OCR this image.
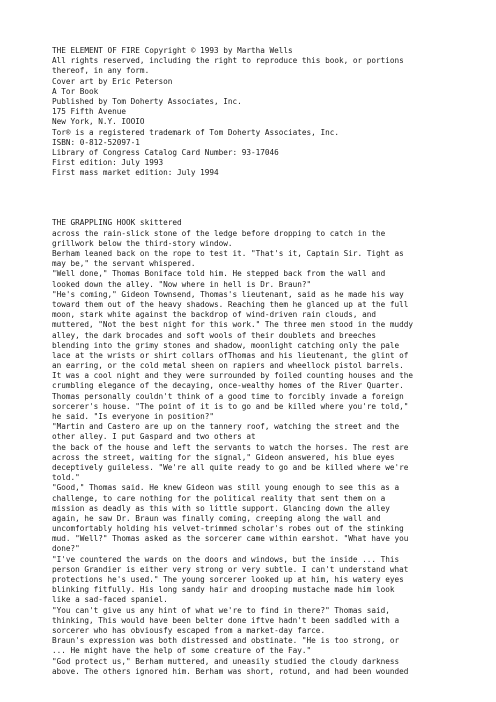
THE ELEMENT OF FIRE Copyright © 1993 by Martha Wells
All rights reserved, including the right to reproduce this book, or portions
thereof, in any form.
Cover art by Eric Peterson
A Tor Book
Published by Tom Doherty Associates, Inc.
175 Fifth Avenue
New York, N.Y. IOOIO
Tor® is a registered trademark of Tom Doherty Associates, Inc.
ISBN: 0-812-52097-1
Library of Congress Catalog Card Number: 93-17046
First edition: July 1993
First mass market edition: July 1994
THE GRAPPLING HOOK skittered
across the rain-slick stone of the ledge before dropping to catch in the
grillwork below the third-story window.
Berham leaned back on the rope to test it. "That's it, Captain Sir. Tight as
may be," the servant whispered.
"Well done," Thomas Boniface told him. He stepped back from the wall and
looked down the alley. "Now where in hell is Dr. Braun?"
"He's coming," Gideon Townsend, Thomas's lieutenant, said as he made his way
toward them out of the heavy shadows. Reaching them he glanced up at the full
moon, stark white against the backdrop of wind-driven rain clouds, and
muttered, "Not the best night for this work." The three men stood in the muddy
alley, the dark brocades and soft wools of their doublets and breeches
blending into the grimy stones and shadow, moonlight catching only the pale
lace at the wrists or shirt collars ofThomas and his lieutenant, the glint of
an earring, or the cold metal sheen on rapiers and wheellock pistol barrels.
It was a cool night and they were surrounded by foiled counting houses and the
crumbling elegance of the decaying, once-wealthy homes of the River Quarter.
Thomas personally couldn't think of a good time to forcibly invade a foreign
sorcerer's house. "The point of it is to go and be killed where you're told,"
he said. "Is everyone in position?"
"Martin and Castero are up on the tannery roof, watching the street and the
other alley. I put Gaspard and two others at
the back of the house and left the servants to watch the horses. The rest are
across the street, waiting for the signal," Gideon answered, his blue eyes
deceptively guileless. "We're all quite ready to go and be killed where we're
told."
"Good," Thomas said. He knew Gideon was still young enough to see this as a
challenge, to care nothing for the political reality that sent them on a
mission as deadly as this with so little support. Glancing down the alley
again, he saw Dr. Braun was finally coming, creeping along the wall and
uncomfortably holding his velvet-trimmed scholar's robes out of the stinking
mud. "Well?" Thomas asked as the sorcerer came within earshot. "What have you
done?"
"I've countered the wards on the doors and windows, but the inside ... This
person Grandier is either very strong or very subtle. I can't understand what
protections he's used." The young sorcerer looked up at him, his watery eyes
blinking fitfully. His long sandy hair and drooping mustache made him look
like a sad-faced spaniel.
"You can't give us any hint of what we're to find in there?" Thomas said,
thinking, This would have been belter done iftve hadn't been saddled with a
sorcerer who has obviousfy escaped from a market-day farce.
Braun's expression was both distressed and obstinate. "He is too strong, or
... He might have the help of some creature of the Fay."
"God protect us," Berham muttered, and uneasily studied the cloudy darkness
above. The others ignored him. Berham was short, rotund, and had been wounded
